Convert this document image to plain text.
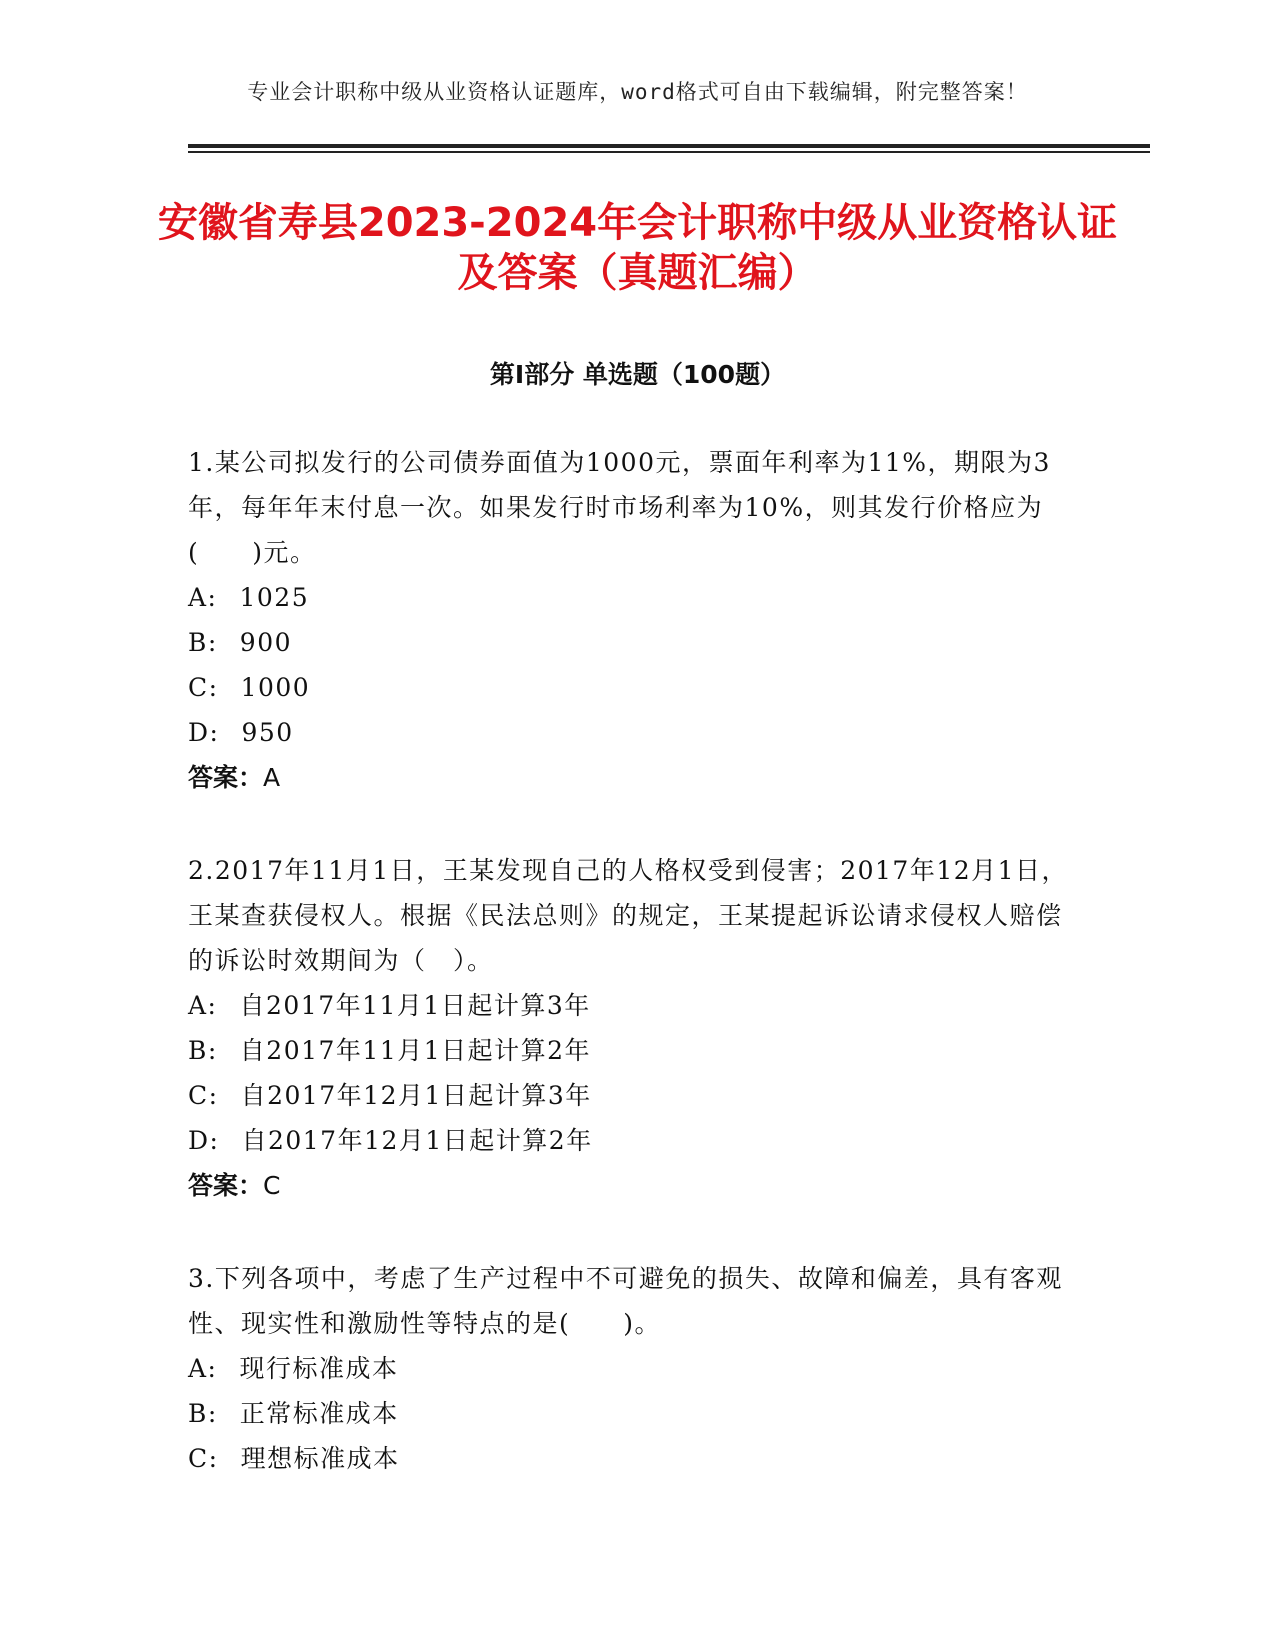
专业会计职称中级从业资格认证题库，word格式可自由下载编辑，附完整答案！
安徽省寿县2023-2024年会计职称中级从业资格认证及答案（真题汇编）
第Ⅰ部分 单选题（100题）

1.某公司拟发行的公司债券面值为1000元，票面年利率为11%，期限为3年，每年年末付息一次。如果发行时市场利率为10%，则其发行价格应为(　　)元。

A: 1025
B: 900
C: 1000
D: 950
答案：A

2.2017年11月1日，王某发现自己的人格权受到侵害；2017年12月1日，王某查获侵权人。根据《民法总则》的规定，王某提起诉讼请求侵权人赔偿的诉讼时效期间为（　）。

A: 自2017年11月1日起计算3年
B: 自2017年11月1日起计算2年
C: 自2017年12月1日起计算3年
D: 自2017年12月1日起计算2年
答案：C

3.下列各项中，考虑了生产过程中不可避免的损失、故障和偏差，具有客观性、现实性和激励性等特点的是(　　)。

A: 现行标准成本
B: 正常标准成本
C: 理想标准成本
